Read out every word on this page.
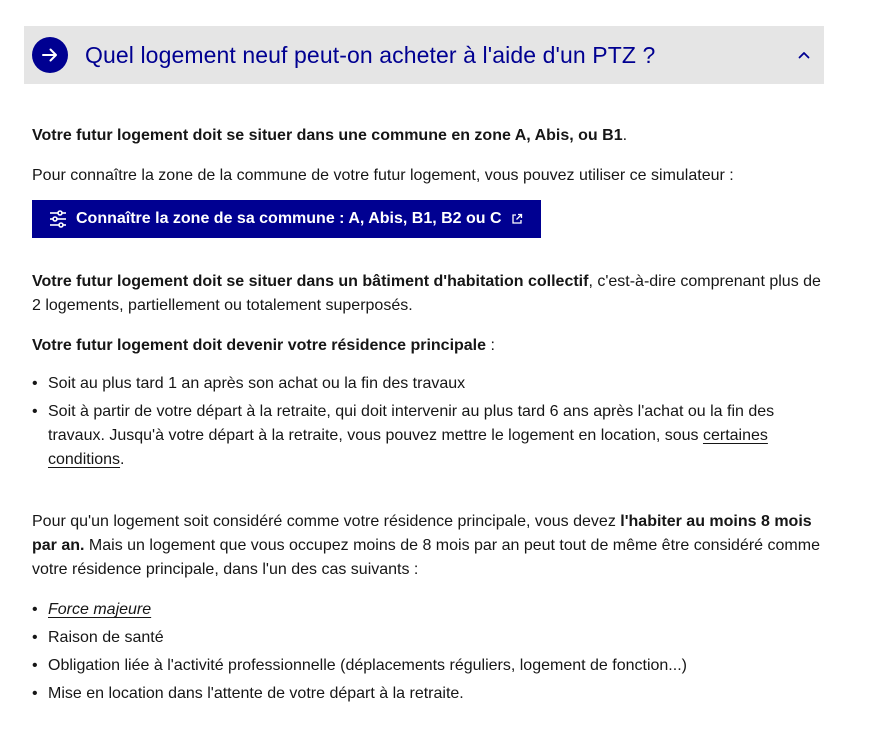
Quel logement neuf peut-on acheter à l'aide d'un PTZ ?

Votre futur logement doit se situer dans une commune en zone A, Abis, ou B1.

Pour connaître la zone de la commune de votre futur logement, vous pouvez utiliser ce simulateur :

Connaître la zone de sa commune : A, Abis, B1, B2 ou C

Votre futur logement doit se situer dans un bâtiment d'habitation collectif, c'est-à-dire comprenant plus de 2 logements, partiellement ou totalement superposés.

Votre futur logement doit devenir votre résidence principale :

• Soit au plus tard 1 an après son achat ou la fin des travaux
• Soit à partir de votre départ à la retraite, qui doit intervenir au plus tard 6 ans après l'achat ou la fin des travaux. Jusqu'à votre départ à la retraite, vous pouvez mettre le logement en location, sous certaines conditions.

Pour qu'un logement soit considéré comme votre résidence principale, vous devez l'habiter au moins 8 mois par an. Mais un logement que vous occupez moins de 8 mois par an peut tout de même être considéré comme votre résidence principale, dans l'un des cas suivants :

• Force majeure
• Raison de santé
• Obligation liée à l'activité professionnelle (déplacements réguliers, logement de fonction...)
• Mise en location dans l'attente de votre départ à la retraite.
